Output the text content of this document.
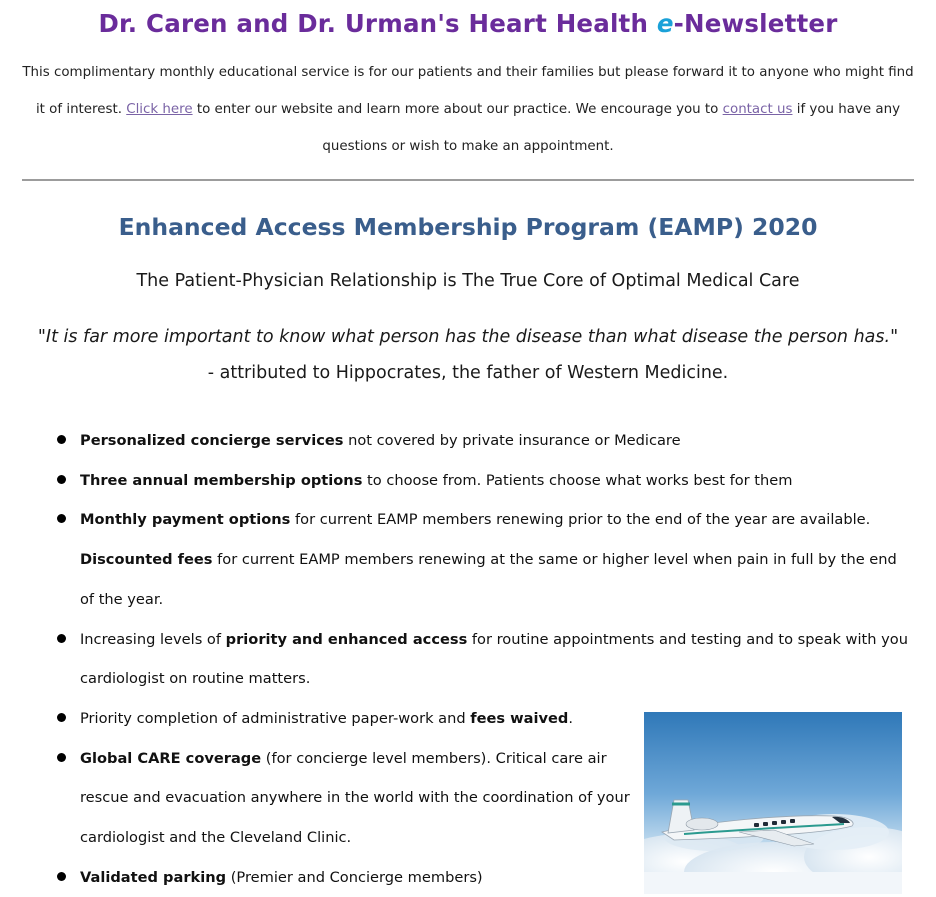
Dr. Caren and Dr. Urman's Heart Health e-Newsletter

This complimentary monthly educational service is for our patients and their families but please forward it to anyone who might find it of interest. Click here to enter our website and learn more about our practice. We encourage you to contact us if you have any questions or wish to make an appointment.

Enhanced Access Membership Program (EAMP) 2020

The Patient-Physician Relationship is The True Core of Optimal Medical Care

"It is far more important to know what person has the disease than what disease the person has."
- attributed to Hippocrates, the father of Western Medicine.

Personalized concierge services not covered by private insurance or Medicare
Three annual membership options to choose from. Patients choose what works best for them
Monthly payment options for current EAMP members renewing prior to the end of the year are available. Discounted fees for current EAMP members renewing at the same or higher level when pain in full by the end of the year.
Increasing levels of priority and enhanced access for routine appointments and testing and to speak with you cardiologist on routine matters.
Priority completion of administrative paper-work and fees waived.
Global CARE coverage (for concierge level members). Critical care air rescue and evacuation anywhere in the world with the coordination of your cardiologist and the Cleveland Clinic.
Validated parking (Premier and Concierge members)
